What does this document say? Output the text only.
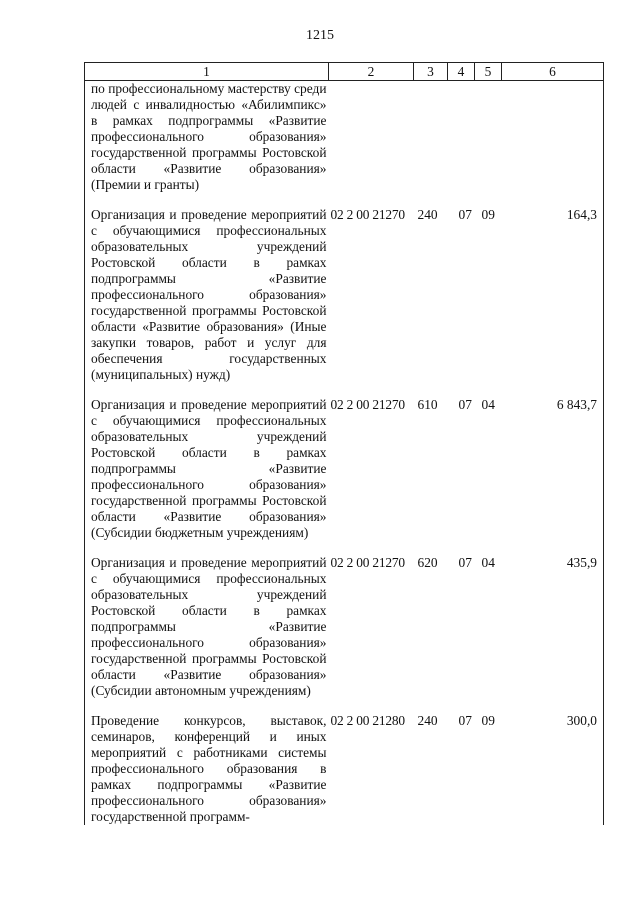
1215
1	2	3	4	5	6
по профессиональному мастерству среди людей с инвалидностью «Абилимпикс» в рамках подпрограммы «Развитие профессионального образования» государственной программы Ростовской области «Развитие образования» (Премии и гранты)					

Организация и проведение мероприятий с обучающимися профессиональных образовательных учреждений Ростовской области в рамках подпрограммы «Развитие профессионального образования» государственной программы Ростовской области «Развитие образования» (Иные закупки товаров, работ и услуг для обеспечения государственных (муниципальных) нужд)	02 2 00 21270	240	07	09	164,3

Организация и проведение мероприятий с обучающимися профессиональных образовательных учреждений Ростовской области в рамках подпрограммы «Развитие профессионального образования» государственной программы Ростовской области «Развитие образования» (Субсидии бюджетным учреждениям)	02 2 00 21270	610	07	04	6 843,7

Организация и проведение мероприятий с обучающимися профессиональных образовательных учреждений Ростовской области в рамках подпрограммы «Развитие профессионального образования» государственной программы Ростовской области «Развитие образования» (Субсидии автономным учреждениям)	02 2 00 21270	620	07	04	435,9

Проведение конкурсов, выставок, семинаров, конференций и иных мероприятий с работниками системы профессионального образования в рамках подпрограммы «Развитие профессионального образования» государственной программ-	02 2 00 21280	240	07	09	300,0
